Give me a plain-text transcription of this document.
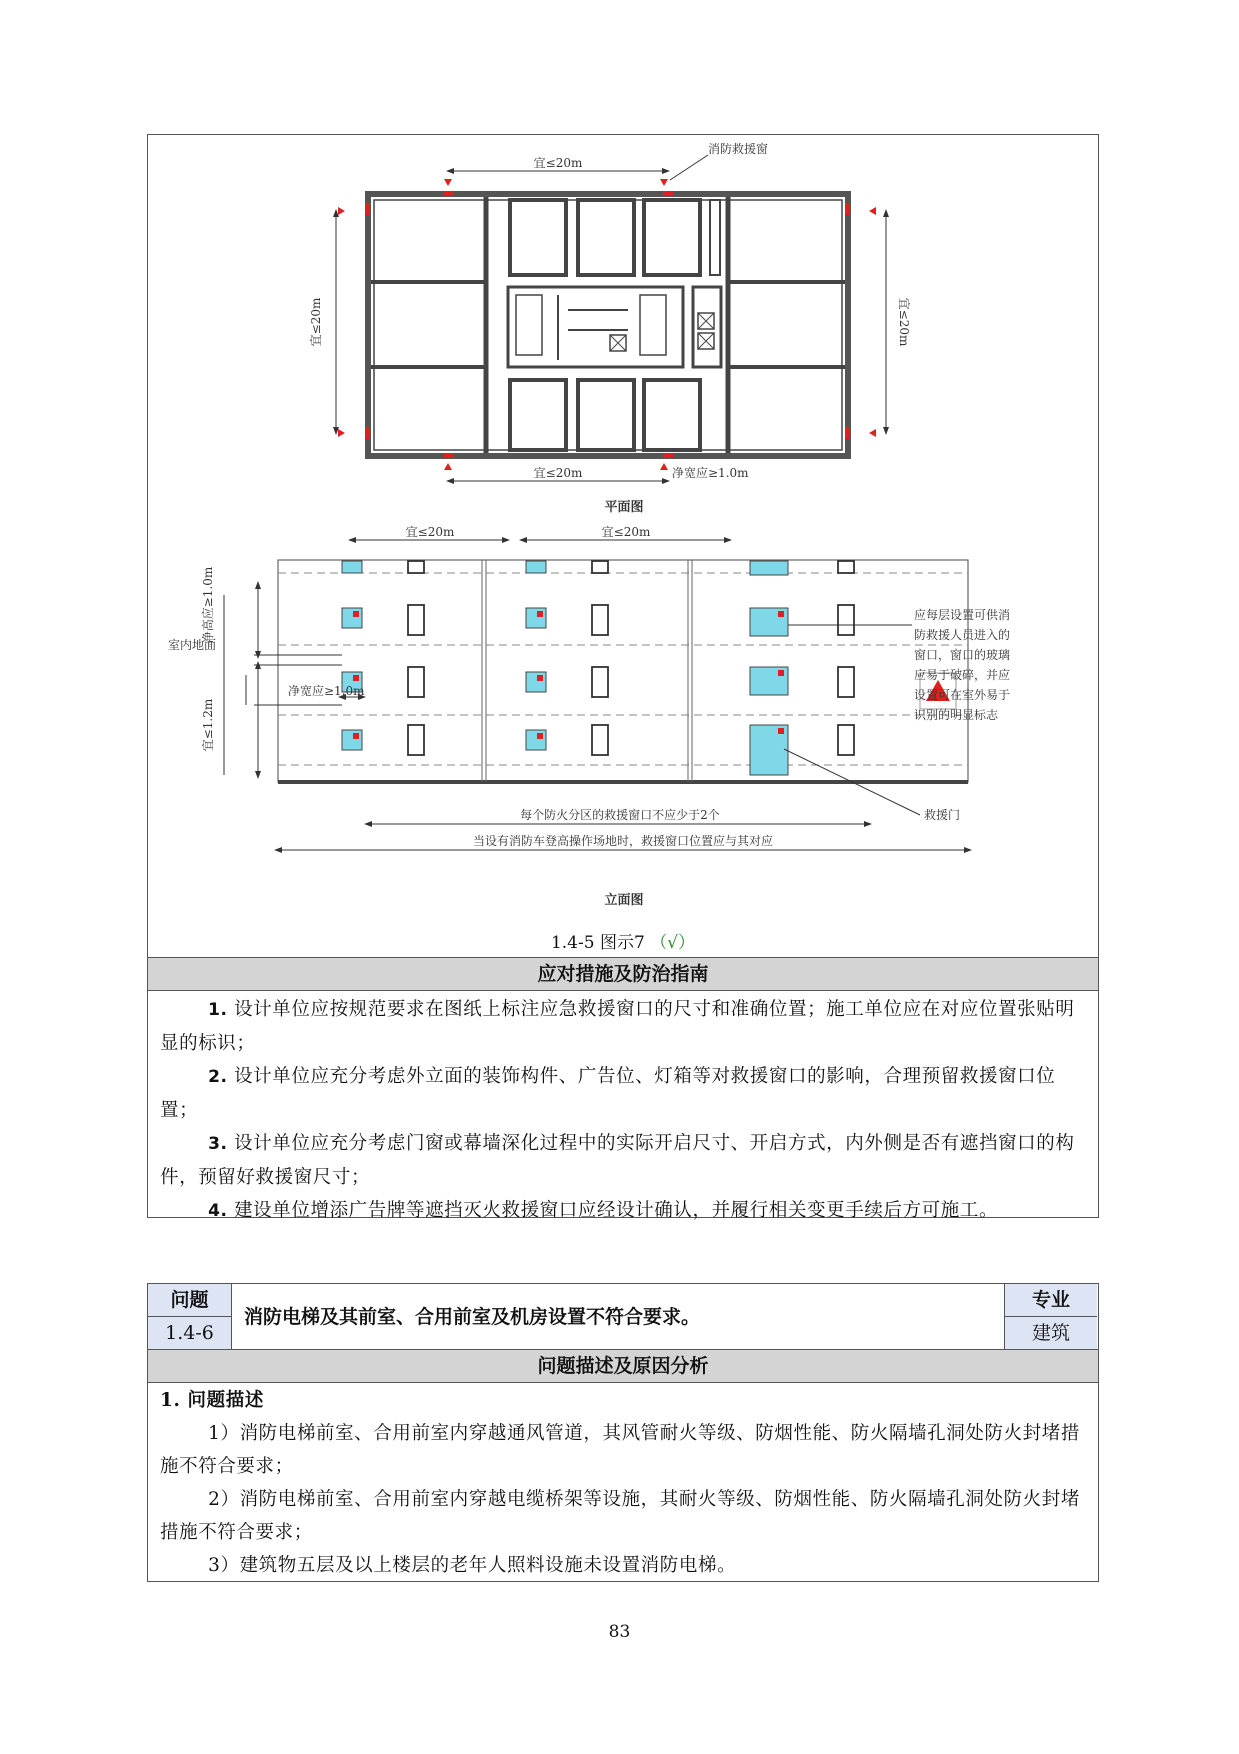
宜≤20m
宜≤20m
消防救援窗
净宽应≥1.0m
宜≤20m	宜≤20m
平面图
宜≤20m	宜≤20m
室内地面
净宽应≥1.0m
净高应≥1.0m
宜≤1.2m
每个防火分区的救援窗口不应少于2个
当设有消防车登高操作场地时，救援窗口位置应与其对应
救援门
应每层设置可供消
防救援人员进入的
窗口，窗口的玻璃
应易于破碎，并应
设置可在室外易于
识别的明显标志
立面图
1.4-5 图示7 （√）
应对措施及防治指南

1. 设计单位应按规范要求在图纸上标注应急救援窗口的尺寸和准确位置；施工单位应在对应位置张贴明显的标识；

2. 设计单位应充分考虑外立面的装饰构件、广告位、灯箱等对救援窗口的影响，合理预留救援窗口位置；

3. 设计单位应充分考虑门窗或幕墙深化过程中的实际开启尺寸、开启方式，内外侧是否有遮挡窗口的构件，预留好救援窗尺寸；

4. 建设单位增添广告牌等遮挡灭火救援窗口应经设计确认，并履行相关变更手续后方可施工。

问题
1.4-6
消防电梯及其前室、合用前室及机房设置不符合要求。
专业
建筑
问题描述及原因分析

1. 问题描述

1）消防电梯前室、合用前室内穿越通风管道，其风管耐火等级、防烟性能、防火隔墙孔洞处防火封堵措施不符合要求；

2）消防电梯前室、合用前室内穿越电缆桥架等设施，其耐火等级、防烟性能、防火隔墙孔洞处防火封堵措施不符合要求；

3）建筑物五层及以上楼层的老年人照料设施未设置消防电梯。

83
